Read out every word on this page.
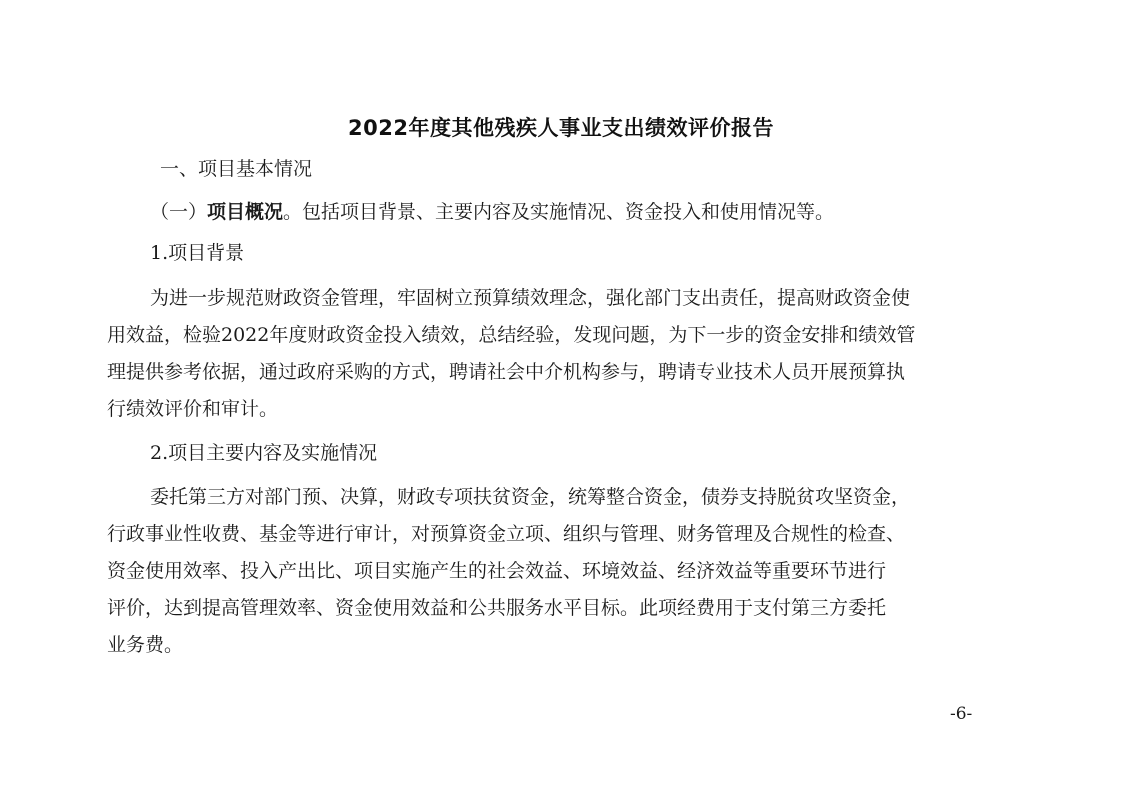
2022年度其他残疾人事业支出绩效评价报告
一、项目基本情况
（一）项目概况。包括项目背景、主要内容及实施情况、资金投入和使用情况等。
1.项目背景
为进一步规范财政资金管理，牢固树立预算绩效理念，强化部门支出责任，提高财政资金使
用效益，检验2022年度财政资金投入绩效，总结经验，发现问题，为下一步的资金安排和绩效管
理提供参考依据，通过政府采购的方式，聘请社会中介机构参与，聘请专业技术人员开展预算执
行绩效评价和审计。
2.项目主要内容及实施情况
委托第三方对部门预、决算，财政专项扶贫资金，统筹整合资金，债券支持脱贫攻坚资金，
行政事业性收费、基金等进行审计，对预算资金立项、组织与管理、财务管理及合规性的检查、
资金使用效率、投入产出比、项目实施产生的社会效益、环境效益、经济效益等重要环节进行
评价，达到提高管理效率、资金使用效益和公共服务水平目标。此项经费用于支付第三方委托
业务费。
-6-
